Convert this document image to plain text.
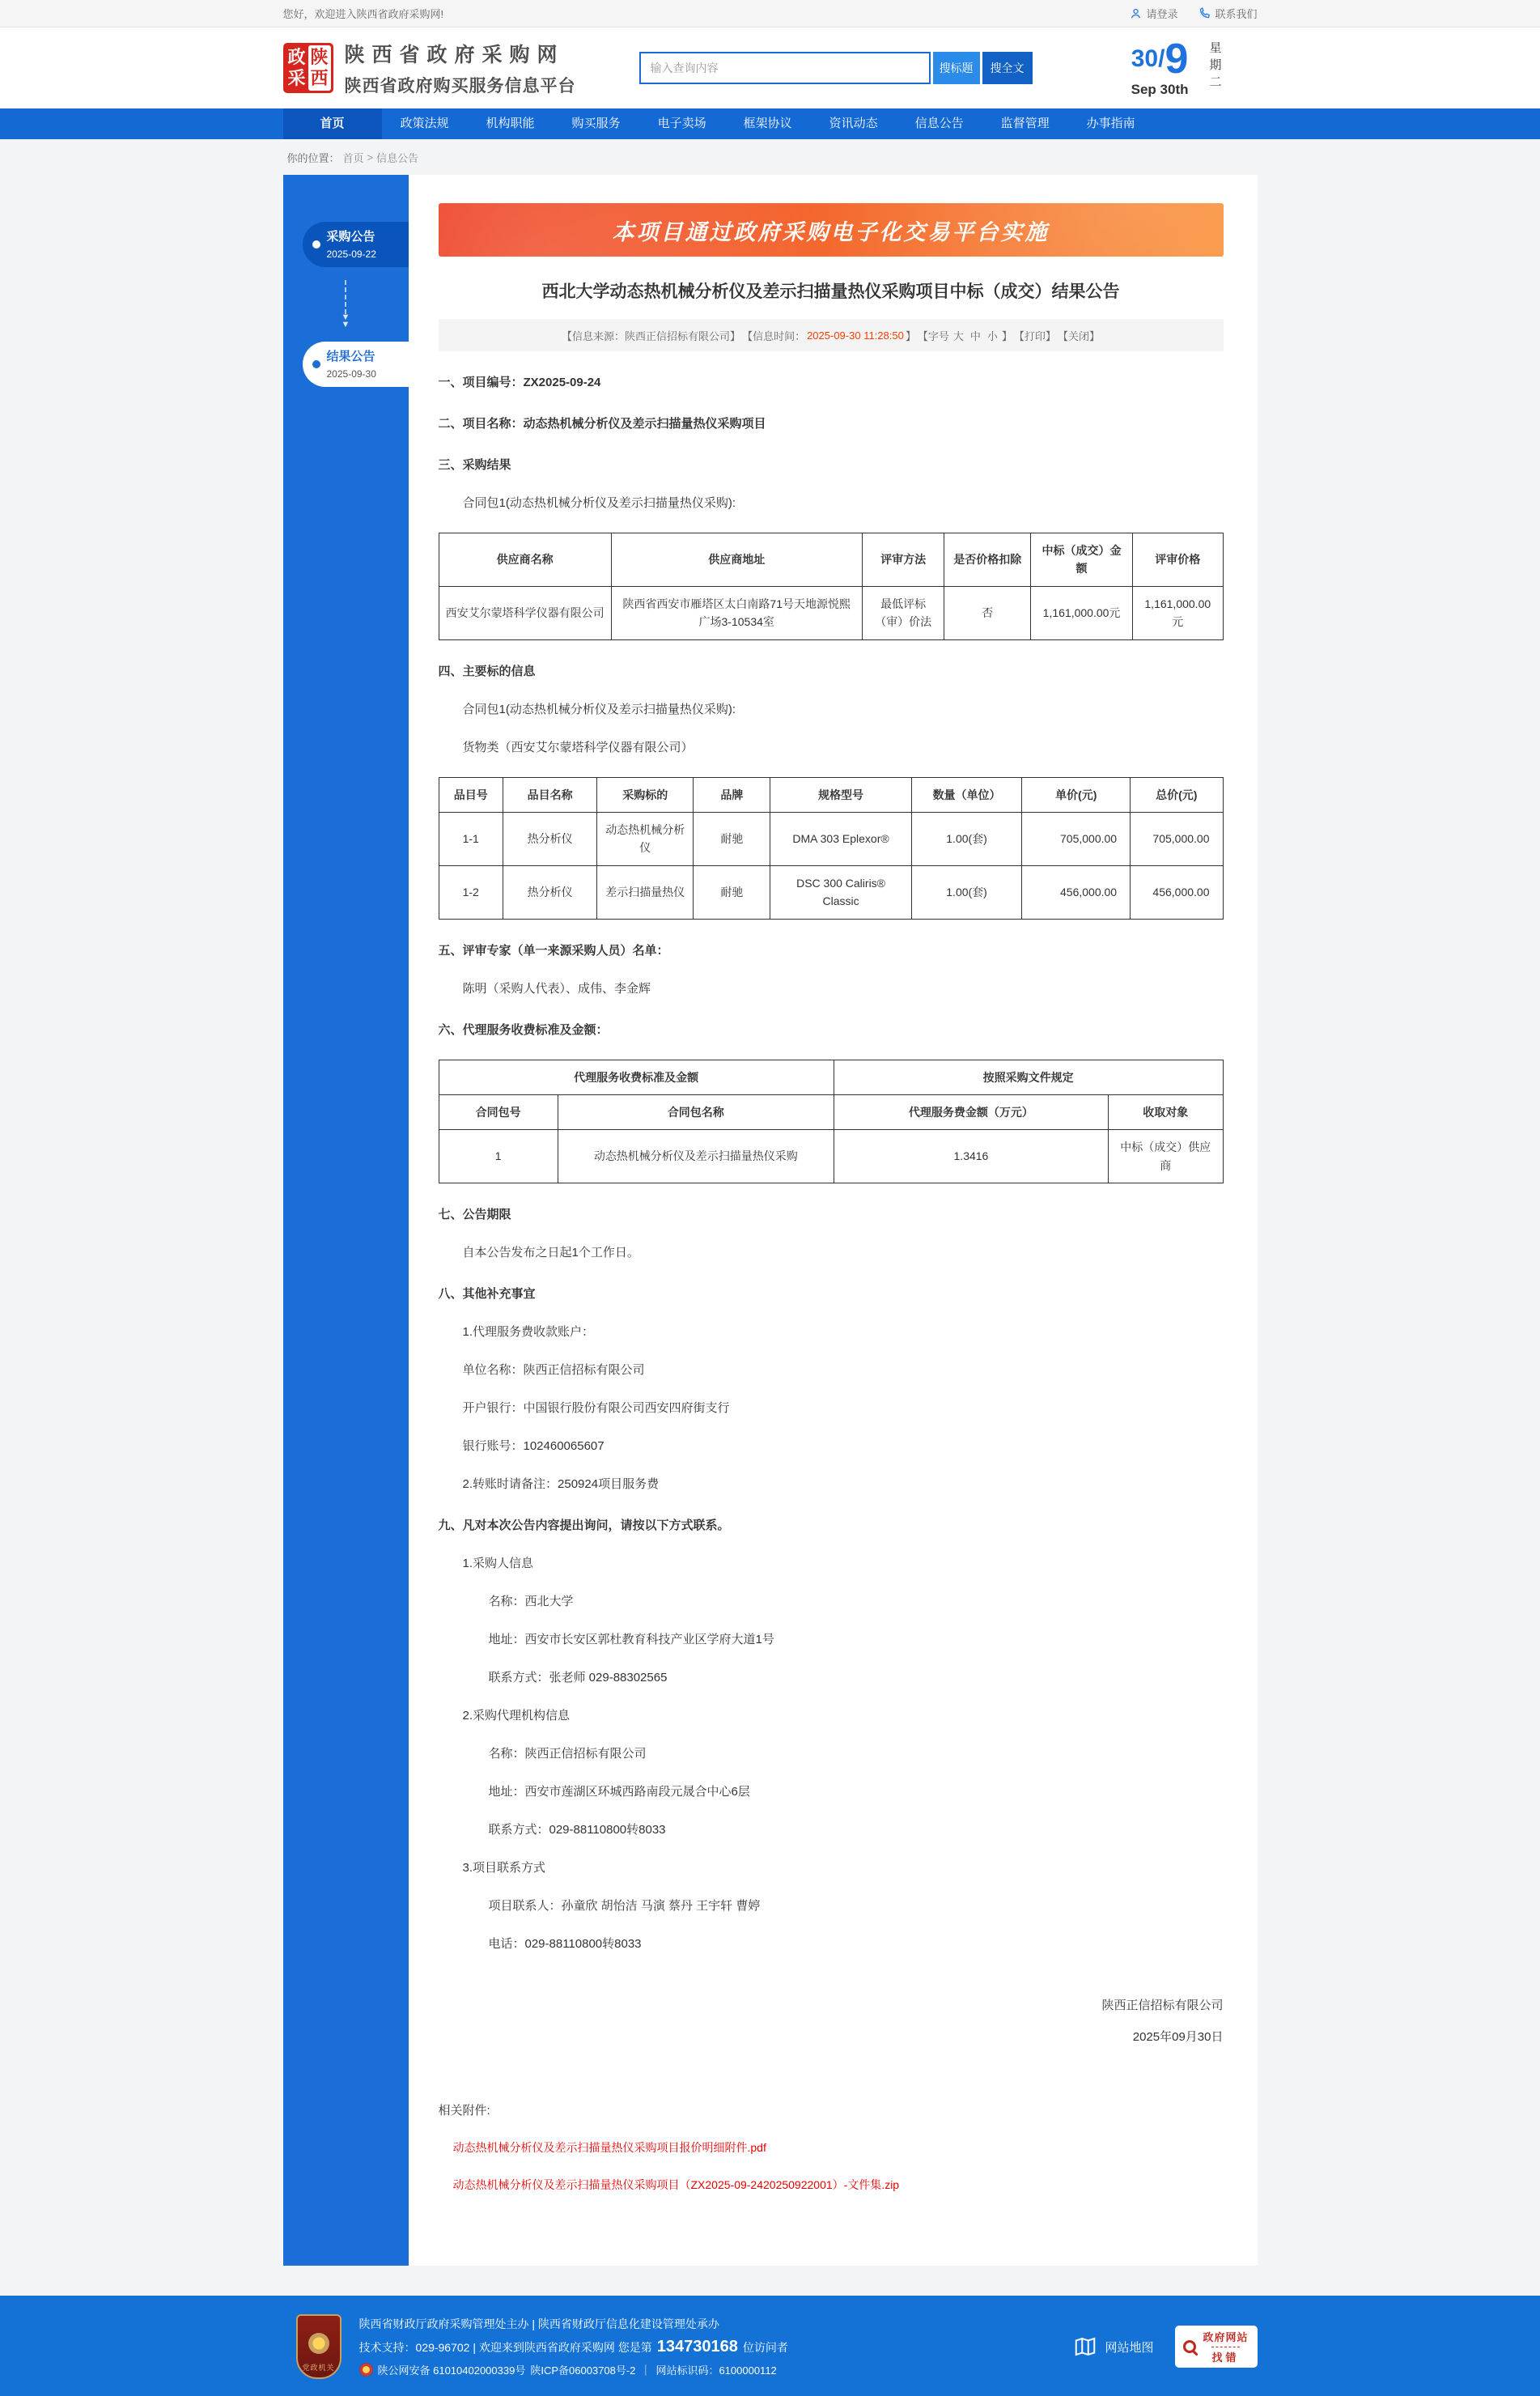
您好，欢迎进入陕西省政府采购网!	请登录	联系我们
政
采
陕
西
陕西省政府采购网
陕西省政府购买服务信息平台
输入查询内容
搜标题	搜全文	30/9
Sep 30th 星期二
首页	政策法规	机构职能	购买服务	电子卖场	框架协议	资讯动态	信息公告	监督管理	办事指南
你的位置： 首页 > 信息公告
采购公告
2025-09-22
▼
▼
结果公告
2025-09-30
本项目通过政府采购电子化交易平台实施
西北大学动态热机械分析仪及差示扫描量热仪采购项目中标（成交）结果公告
【信息来源：陕西正信招标有限公司】 【信息时间： 2025-09-30 11:28:50 】 【字号 大 中 小 】 【打印】 【关闭】
一、项目编号：ZX2025-09-24
二、项目名称：动态热机械分析仪及差示扫描量热仪采购项目
三、采购结果
合同包1(动态热机械分析仪及差示扫描量热仪采购):
供应商名称	供应商地址	评审方法	是否价格扣除	中标（成交）金额	评审价格
西安艾尔蒙塔科学仪器有限公司	陕西省西安市雁塔区太白南路71号天地源悦熙广场3-10534室	最低评标（审）价法	否	1,161,000.00元	1,161,000.00元
四、主要标的信息
合同包1(动态热机械分析仪及差示扫描量热仪采购):
货物类（西安艾尔蒙塔科学仪器有限公司）
品目号	品目名称	采购标的	品牌	规格型号	数量（单位）	单价(元)	总价(元)
1-1	热分析仪	动态热机械分析仪	耐驰	DMA 303 Eplexor®	1.00(套)	705,000.00	705,000.00
1-2	热分析仪	差示扫描量热仪	耐驰	DSC 300 Caliris® Classic	1.00(套)	456,000.00	456,000.00
五、评审专家（单一来源采购人员）名单：
陈明（采购人代表）、成伟、李金辉
六、代理服务收费标准及金额：
代理服务收费标准及金额		按照采购文件规定	
合同包号	合同包名称	代理服务费金额（万元）	收取对象
1	动态热机械分析仪及差示扫描量热仪采购	1.3416	中标（成交）供应商
七、公告期限
自本公告发布之日起1个工作日。
八、其他补充事宜
1.代理服务费收款账户：
单位名称：陕西正信招标有限公司
开户银行：中国银行股份有限公司西安四府街支行
银行账号：102460065607
2.转账时请备注：250924项目服务费
九、凡对本次公告内容提出询问，请按以下方式联系。
1.采购人信息
名称：西北大学
地址：西安市长安区郭杜教育科技产业区学府大道1号
联系方式：张老师 029-88302565
2.采购代理机构信息
名称：陕西正信招标有限公司
地址：西安市莲湖区环城西路南段元晟合中心6层
联系方式：029-88110800转8033
3.项目联系方式
项目联系人：孙童欣 胡怡洁 马演 蔡丹 王宇轩 曹婷
电话：029-88110800转8033
陕西正信招标有限公司
2025年09月30日
相关附件:
动态热机械分析仪及差示扫描量热仪采购项目报价明细附件.pdf
动态热机械分析仪及差示扫描量热仪采购项目（ZX2025-09-2420250922001）-文件集.zip
党政机关
陕西省财政厅政府采购管理处主办 | 陕西省财政厅信息化建设管理处承办
技术支持：029-96702 | 欢迎来到陕西省政府采购网 您是第 134730168 位访问者
陕公网安备 61010402000339号 陕ICP备06003708号-2 ｜ 网站标识码：6100000112
网站地图
政府网站
找错
